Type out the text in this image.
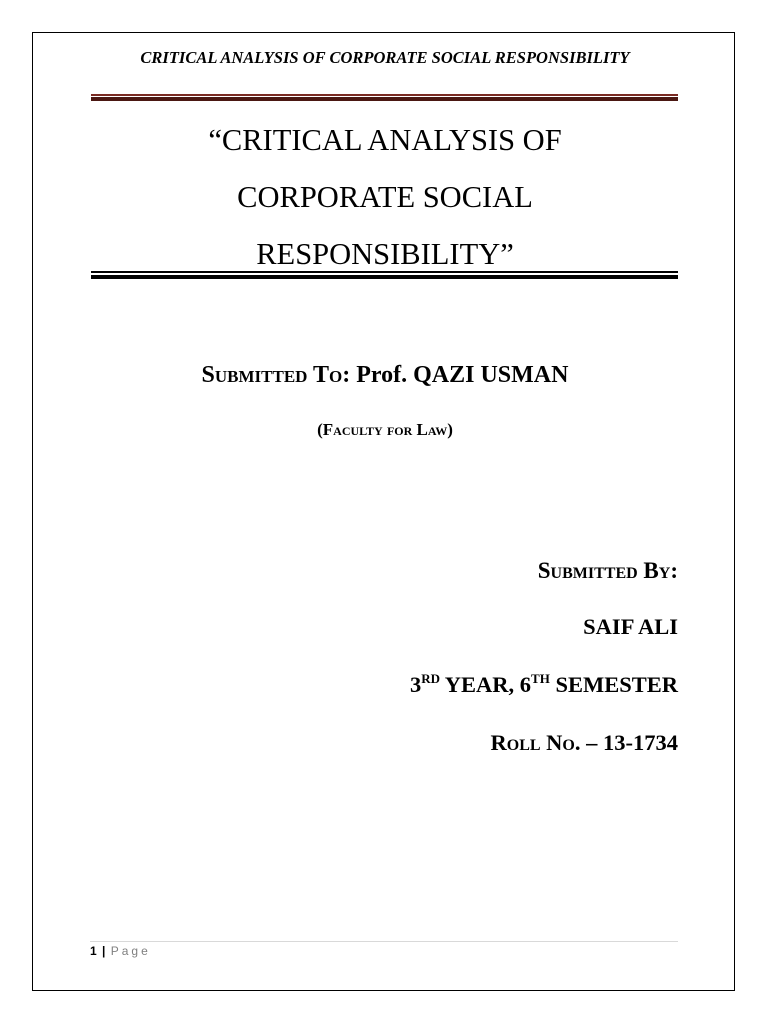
CRITICAL ANALYSIS OF CORPORATE SOCIAL RESPONSIBILITY
“CRITICAL ANALYSIS OF
CORPORATE SOCIAL
RESPONSIBILITY”
Submitted To: Prof. QAZI USMAN
(Faculty for Law)
Submitted By:
SAIF ALI
3RD YEAR, 6TH SEMESTER
Roll No. – 13-1734
1 | Page
